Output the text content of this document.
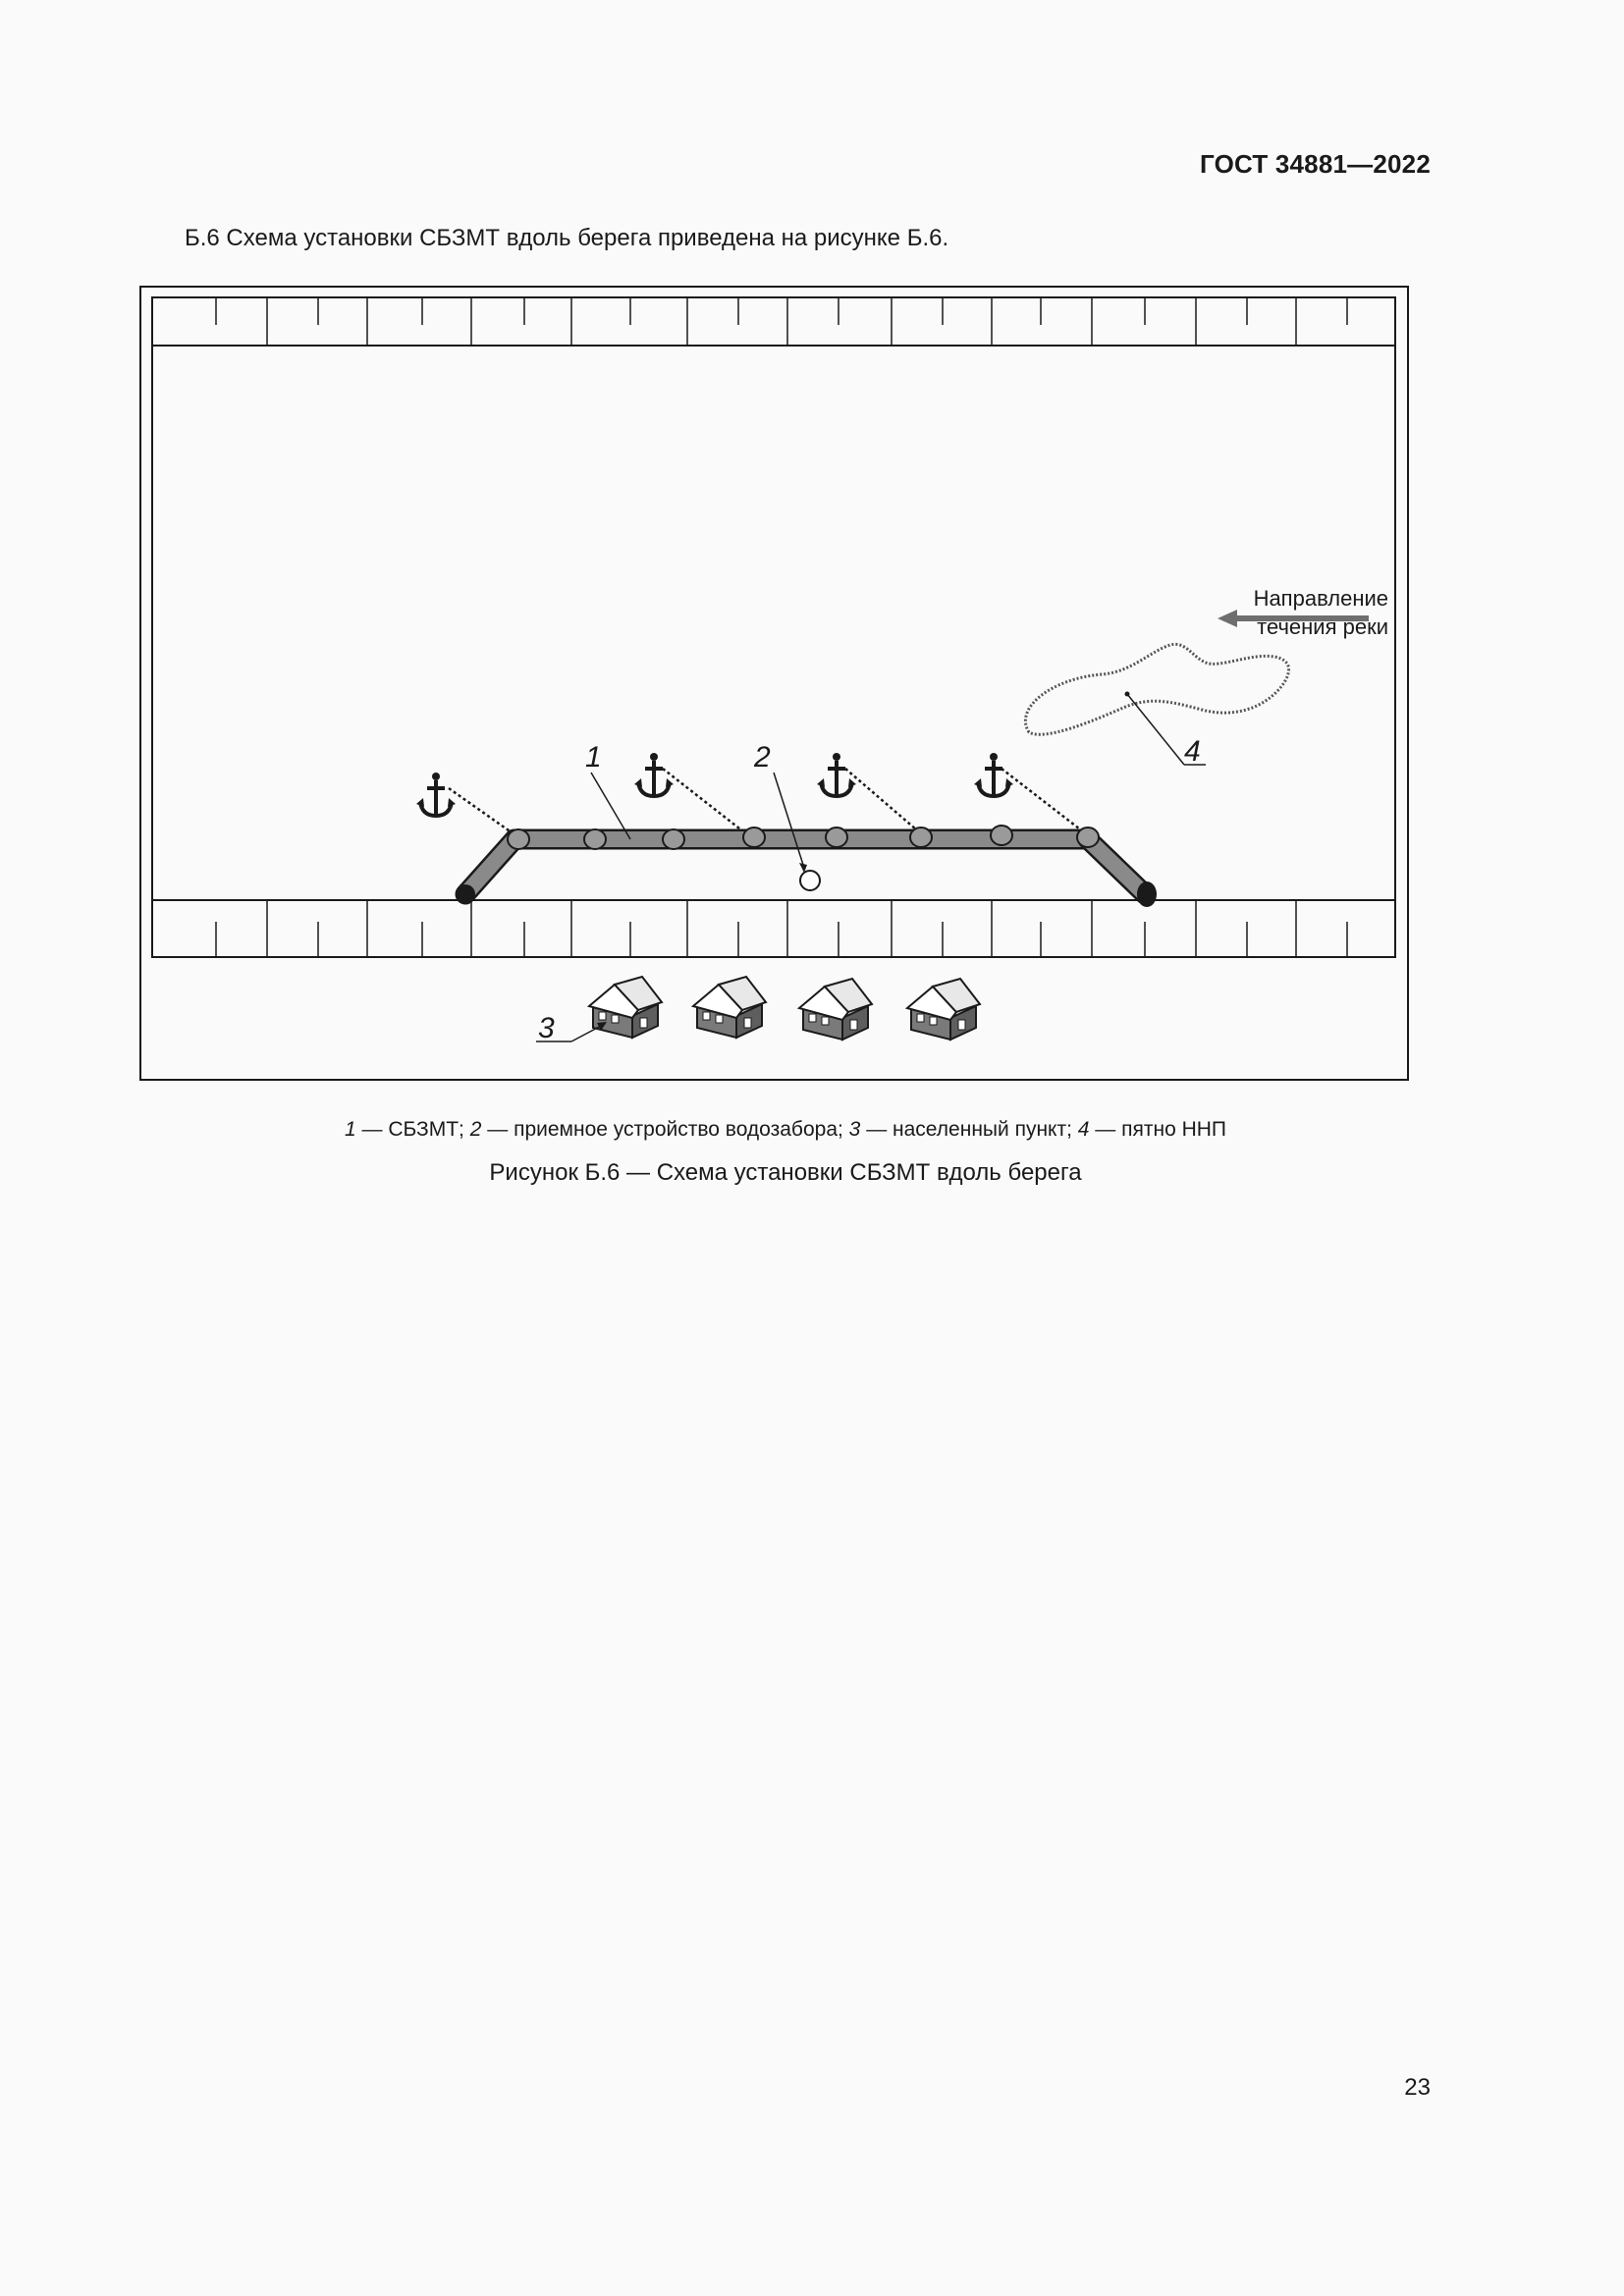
ГОСТ 34881—2022
Б.6 Схема установки СБЗМТ вдоль берега приведена на рисунке Б.6.
Направление
течения реки
4
1	2
3
1 — СБЗМТ; 2 — приемное устройство водозабора; 3 — населенный пункт; 4 — пятно ННП
Рисунок Б.6 — Схема установки СБЗМТ вдоль берега
23
